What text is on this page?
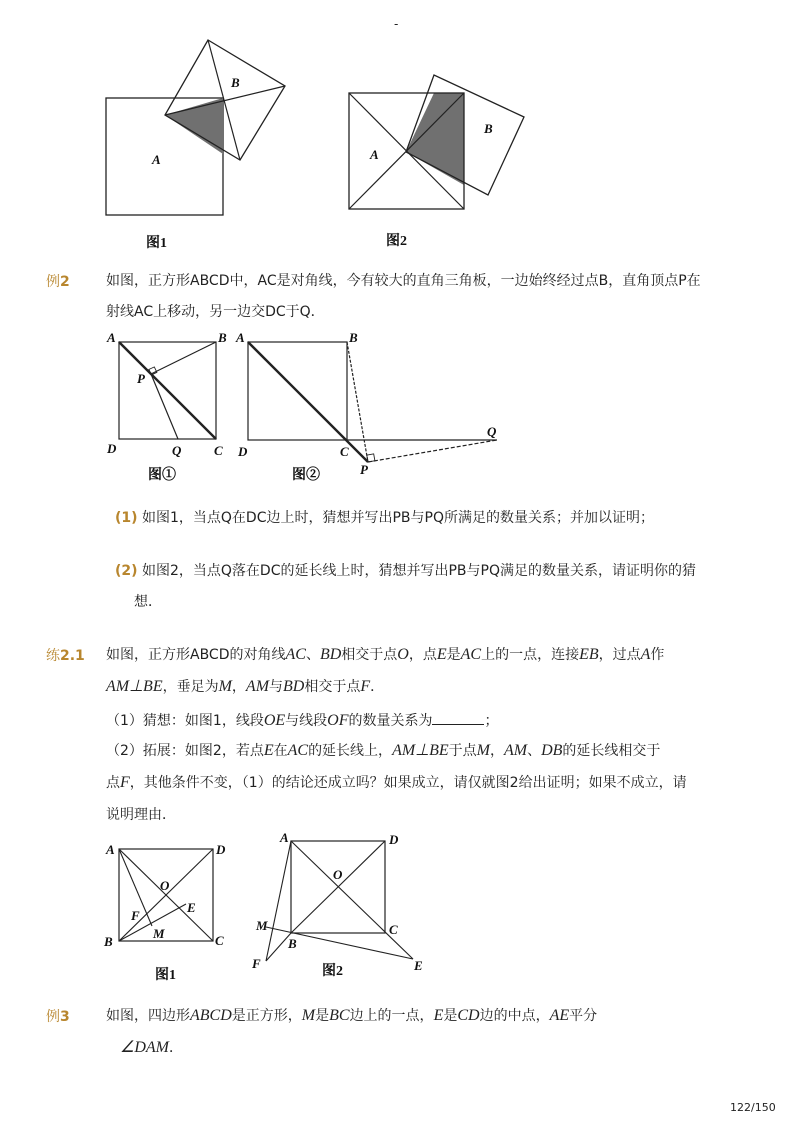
-
B
A
图1
B
A
图2
例2	如图，正方形ABCD中，AC是对角线，今有较大的直角三角板，一边始终经过点B，直角顶点P在
射线AC上移动，另一边交DC于Q．
A	B
P
D	Q	C
图①
A	B
Q
D	C
P
图②
(1) 如图1，当点Q在DC边上时，猜想并写出PB与PQ所满足的数量关系；并加以证明；
(2) 如图2，当点Q落在DC的延长线上时，猜想并写出PB与PQ满足的数量关系，请证明你的猜
想．
练2.1 如图，正方形ABCD的对角线AC、BD相交于点O，点E是AC上的一点，连接EB，过点A作
AM⊥BE，垂足为M，AM与BD相交于点F．
（1）猜想：如图1，线段OE与线段OF的数量关系为	；
（2）拓展：如图2，若点E在AC的延长线上，AM⊥BE于点M，AM、DB的延长线相交于
点F，其他条件不变，（1）的结论还成立吗？如果成立，请仅就图2给出证明；如果不成立，请
说明理由．
A	D
O
F
E
M
B	C
图1
A	D
O
M	C
B
F	E
图2
例3	如图，四边形ABCD是正方形，M是BC边上的一点，E是CD边的中点，AE平分
∠DAM．
122/150
